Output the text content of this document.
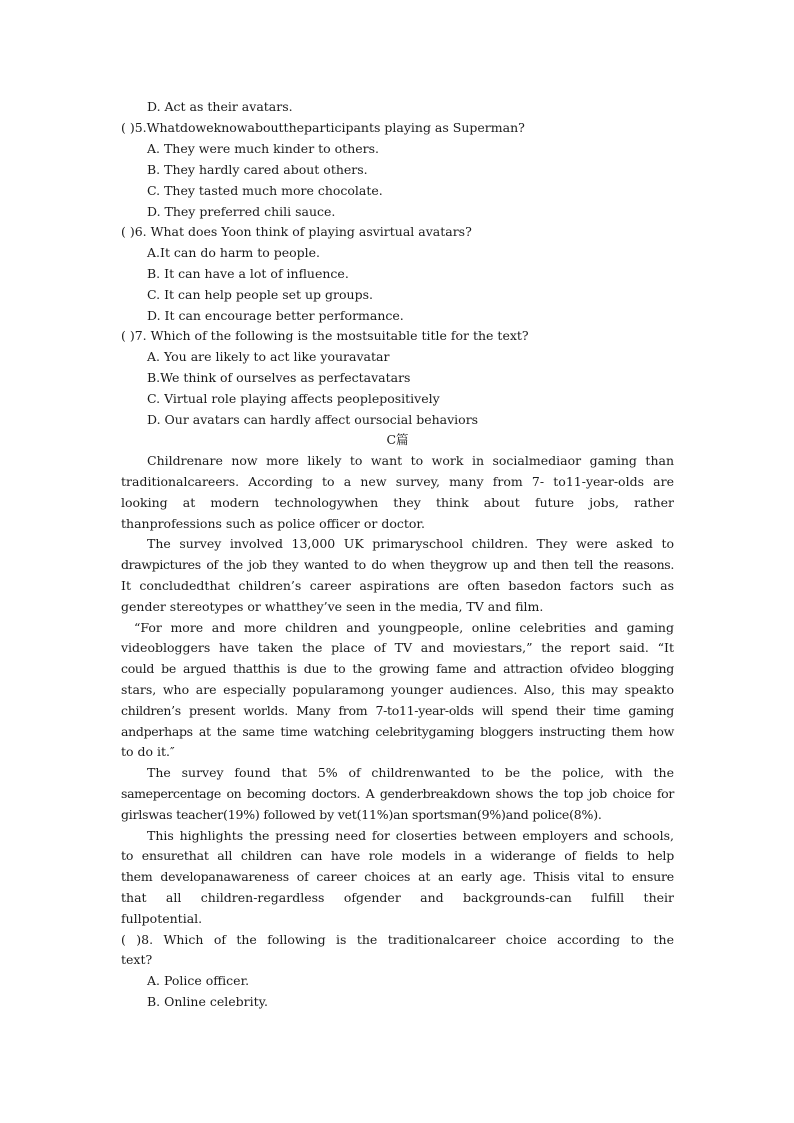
D. Act as their avatars.
( )5.Whatdoweknowabouttheparticipants playing as Superman?
A. They were much kinder to others.
B. They hardly cared about others.
C. They tasted much more chocolate.
D. They preferred chili sauce.
( )6. What does Yoon think of playing asvirtual avatars?
A.It can do harm to people.
B. It can have a lot of influence.
C. It can help people set up groups.
D. It can encourage better performance.
( )7. Which of the following is the mostsuitable title for the text?
A. You are likely to act like youravatar
B.We think of ourselves as perfectavatars
C. Virtual role playing affects peoplepositively
D. Our avatars can hardly affect oursocial behaviors
C篇
Childrenare now more likely to want to work in socialmediaor gaming than
traditionalcareers. According to a new survey, many from 7- to11-year-olds are
looking at modern technologywhen they think about future jobs, rather
thanprofessions such as police officer or doctor.
The survey involved 13,000 UK primaryschool children. They were asked to
drawpictures of the job they wanted to do when theygrow up and then tell the reasons.
It concludedthat children’s career aspirations are often basedon factors such as
gender stereotypes or whatthey’ve seen in the media, TV and film.
“For more and more children and youngpeople, online celebrities and gaming
videobloggers have taken the place of TV and moviestars,” the report said. “It
could be argued thatthis is due to the growing fame and attraction ofvideo blogging
stars, who are especially popularamong younger audiences. Also, this may speakto
children’s present worlds. Many from 7-to11-year-olds will spend their time gaming
andperhaps at the same time watching celebritygaming bloggers instructing them how
to do it.″
The survey found that 5% of childrenwanted to be the police, with the
samepercentage on becoming doctors. A genderbreakdown shows the top job choice for
girlswas teacher(19%) followed by vet(11%)an sportsman(9%)and police(8%).
This highlights the pressing need for closerties between employers and schools,
to ensurethat all children can have role models in a widerange of fields to help
them developanawareness of career choices at an early age. Thisis vital to ensure
that all children-regardless ofgender and backgrounds-can fulfill their
fullpotential.
( )8. Which of the following is the traditionalcareer choice according to the
text?
A. Police officer.
B. Online celebrity.
